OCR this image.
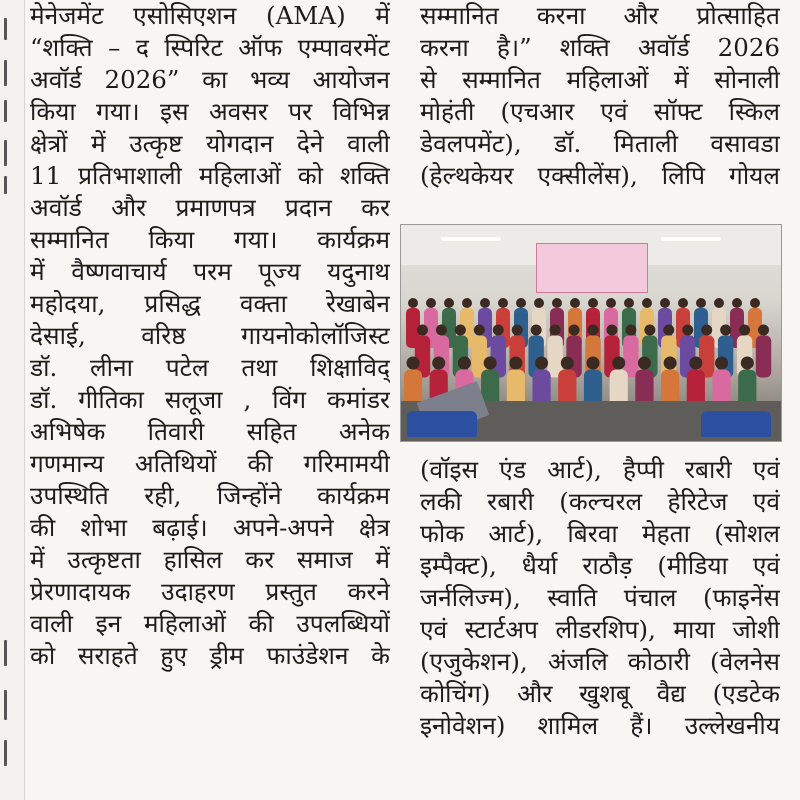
मेनेजमेंट एसोसिएशन (AMA) में
“शक्ति – द स्पिरिट ऑफ एम्पावरमेंट
अवॉर्ड 2026” का भव्य आयोजन
किया गया। इस अवसर पर विभिन्न
क्षेत्रों में उत्कृष्ट योगदान देने वाली
11 प्रतिभाशाली महिलाओं को शक्ति
अवॉर्ड और प्रमाणपत्र प्रदान कर
सम्मानित किया गया। कार्यक्रम
में वैष्णवाचार्य परम पूज्य यदुनाथ
महोदया, प्रसिद्ध वक्ता रेखाबेन
देसाई, वरिष्ठ गायनोकोलॉजिस्ट
डॉ. लीना पटेल तथा शिक्षाविद्
डॉ. गीतिका सलूजा , विंग कमांडर
अभिषेक तिवारी सहित अनेक
गणमान्य अतिथियों की गरिमामयी
उपस्थिति रही, जिन्होंने कार्यक्रम
की शोभा बढ़ाई। अपने-अपने क्षेत्र
में उत्कृष्टता हासिल कर समाज में
प्रेरणादायक उदाहरण प्रस्तुत करने
वाली इन महिलाओं की उपलब्धियों
को सराहते हुए ड्रीम फाउंडेशन के
सम्मानित करना और प्रोत्साहित
करना है।” शक्ति अवॉर्ड 2026
से सम्मानित महिलाओं में सोनाली
मोहंती (एचआर एवं सॉफ्ट स्किल
डेवलपमेंट), डॉ. मिताली वसावडा
(हेल्थकेयर एक्सीलेंस), लिपि गोयल
(वॉइस एंड आर्ट), हैप्पी रबारी एवं
लकी रबारी (कल्चरल हेरिटेज एवं
फोक आर्ट), बिरवा मेहता (सोशल
इम्पैक्ट), धैर्या राठौड़ (मीडिया एवं
जर्नलिज्म), स्वाति पंचाल (फाइनेंस
एवं स्टार्टअप लीडरशिप), माया जोशी
(एजुकेशन), अंजलि कोठारी (वेलनेस
कोचिंग) और खुशबू वैद्य (एडटेक
इनोवेशन) शामिल हैं। उल्लेखनीय
